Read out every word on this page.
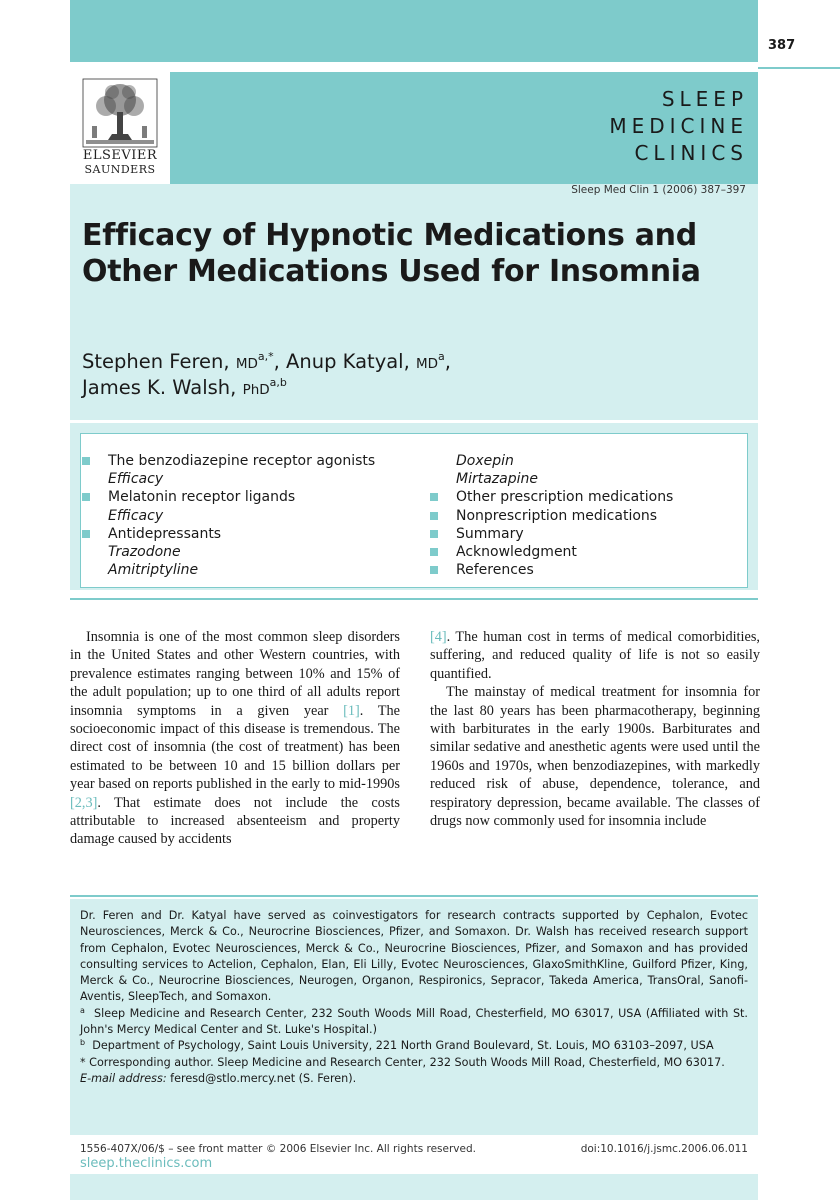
387
ELSEVIER
SAUNDERS
SLEEP
MEDICINE
CLINICS
Sleep Med Clin 1 (2006) 387–397
Efficacy of Hypnotic Medications and Other Medications Used for Insomnia
Stephen Feren, $MD^{a,*}$, Anup Katyal, $MD^a$,
James K. Walsh, PhD$^{a,b}$
The benzodiazepine receptor agonists
Efficacy
Melatonin receptor ligands
Efficacy
Antidepressants
Trazodone
Amitriptyline
Doxepin
Mirtazapine
Other prescription medications
Nonprescription medications
Summary
Acknowledgment
References

Insomnia is one of the most common sleep disorders in the United States and other Western countries, with prevalence estimates ranging between 10% and 15% of the adult population; up to one third of all adults report insomnia symptoms in a given year [1]. The socioeconomic impact of this disease is tremendous. The direct cost of insomnia (the cost of treatment) has been estimated to be between 10 and 15 billion dollars per year based on reports published in the early to mid-1990s [2,3]. That estimate does not include the costs attributable to increased absenteeism and property damage caused by accidents

[4]. The human cost in terms of medical comorbidities, suffering, and reduced quality of life is not so easily quantified.

The mainstay of medical treatment for insomnia for the last 80 years has been pharmacotherapy, beginning with barbiturates in the early 1900s. Barbiturates and similar sedative and anesthetic agents were used until the 1960s and 1970s, when benzodiazepines, with markedly reduced risk of abuse, dependence, tolerance, and respiratory depression, became available. The classes of drugs now commonly used for insomnia include

Dr. Feren and Dr. Katyal have served as coinvestigators for research contracts supported by Cephalon, Evotec Neurosciences, Merck & Co., Neurocrine Biosciences, Pfizer, and Somaxon. Dr. Walsh has received research support from Cephalon, Evotec Neurosciences, Merck & Co., Neurocrine Biosciences, Pfizer, and Somaxon and has provided consulting services to Actelion, Cephalon, Elan, Eli Lilly, Evotec Neurosciences, GlaxoSmithKline, Guilford Pfizer, King, Merck & Co., Neurocrine Biosciences, Neurogen, Organon, Respironics, Sepracor, Takeda America, TransOral, Sanofi-Aventis, SleepTech, and Somaxon.

$^a$ Sleep Medicine and Research Center, 232 South Woods Mill Road, Chesterfield, MO 63017, USA (Affiliated with St. John's Mercy Medical Center and St. Luke's Hospital.)

$^b$ Department of Psychology, Saint Louis University, 221 North Grand Boulevard, St. Louis, MO 63103–2097, USA

* Corresponding author. Sleep Medicine and Research Center, 232 South Woods Mill Road, Chesterfield, MO 63017.

E-mail address: feresd@stlo.mercy.net (S. Feren).

1556-407X/06/$ – see front matter © 2006 Elsevier Inc. All rights reserved.	doi:10.1016/j.jsmc.2006.06.011
sleep.theclinics.com
